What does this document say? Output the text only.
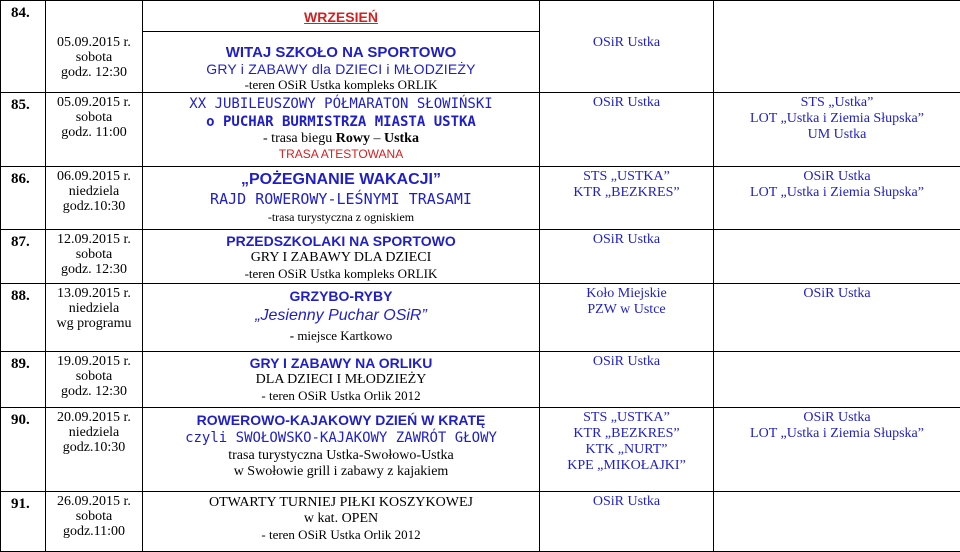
84.	05.09.2015 r.
sobota
godz. 12:30	WRZESIEŃ
WITAJ SZKOŁO NA SPORTOWO
GRY i ZABAWY dla DZIECI i MŁODZIEŻY
-teren OSiR Ustka kompleks ORLIK	OSiR Ustka	

85.	05.09.2015 r.
sobota
godz. 11:00	XX JUBILEUSZOWY PÓŁMARATON SŁOWIŃSKI
o PUCHAR BURMISTRZA MIASTA USTKA
- trasa biegu Rowy – Ustka
TRASA ATESTOWANA	OSiR Ustka	STS „Ustka”
LOT „Ustka i Ziemia Słupska”
UM Ustka

86.	06.09.2015 r.
niedziela
godz.10:30	„POŻEGNANIE WAKACJI”
RAJD ROWEROWY-LEŚNYMI TRASAMI
-trasa turystyczna z ogniskiem	STS „USTKA”
KTR „BEZKRES”	OSiR Ustka
LOT „Ustka i Ziemia Słupska”

87.	12.09.2015 r.
sobota
godz. 12:30	PRZEDSZKOLAKI NA SPORTOWO
GRY I ZABAWY DLA DZIECI
-teren OSiR Ustka kompleks ORLIK	OSiR Ustka	

88.	13.09.2015 r.
niedziela
wg programu	GRZYBO-RYBY
„Jesienny Puchar OSiR”
- miejsce Kartkowo	Koło Miejskie
PZW w Ustce	OSiR Ustka

89.	19.09.2015 r.
sobota
godz. 12:30	GRY I ZABAWY NA ORLIKU
DLA DZIECI I MŁODZIEŻY
- teren OSiR Ustka Orlik 2012	OSiR Ustka	

90.	20.09.2015 r.
niedziela
godz.10:30	ROWEROWO-KAJAKOWY DZIEŃ W KRATĘ
czyli SWOŁOWSKO-KAJAKOWY ZAWRÓT GŁOWY
trasa turystyczna Ustka-Swołowo-Ustka
w Swołowie grill i zabawy z kajakiem	STS „USTKA”
KTR „BEZKRES”
KTK „NURT”
KPE „MIKOŁAJKI”	OSiR Ustka
LOT „Ustka i Ziemia Słupska”

91.	26.09.2015 r.
sobota
godz.11:00	OTWARTY TURNIEJ PIŁKI KOSZYKOWEJ
w kat. OPEN
- teren OSiR Ustka Orlik 2012	OSiR Ustka	
